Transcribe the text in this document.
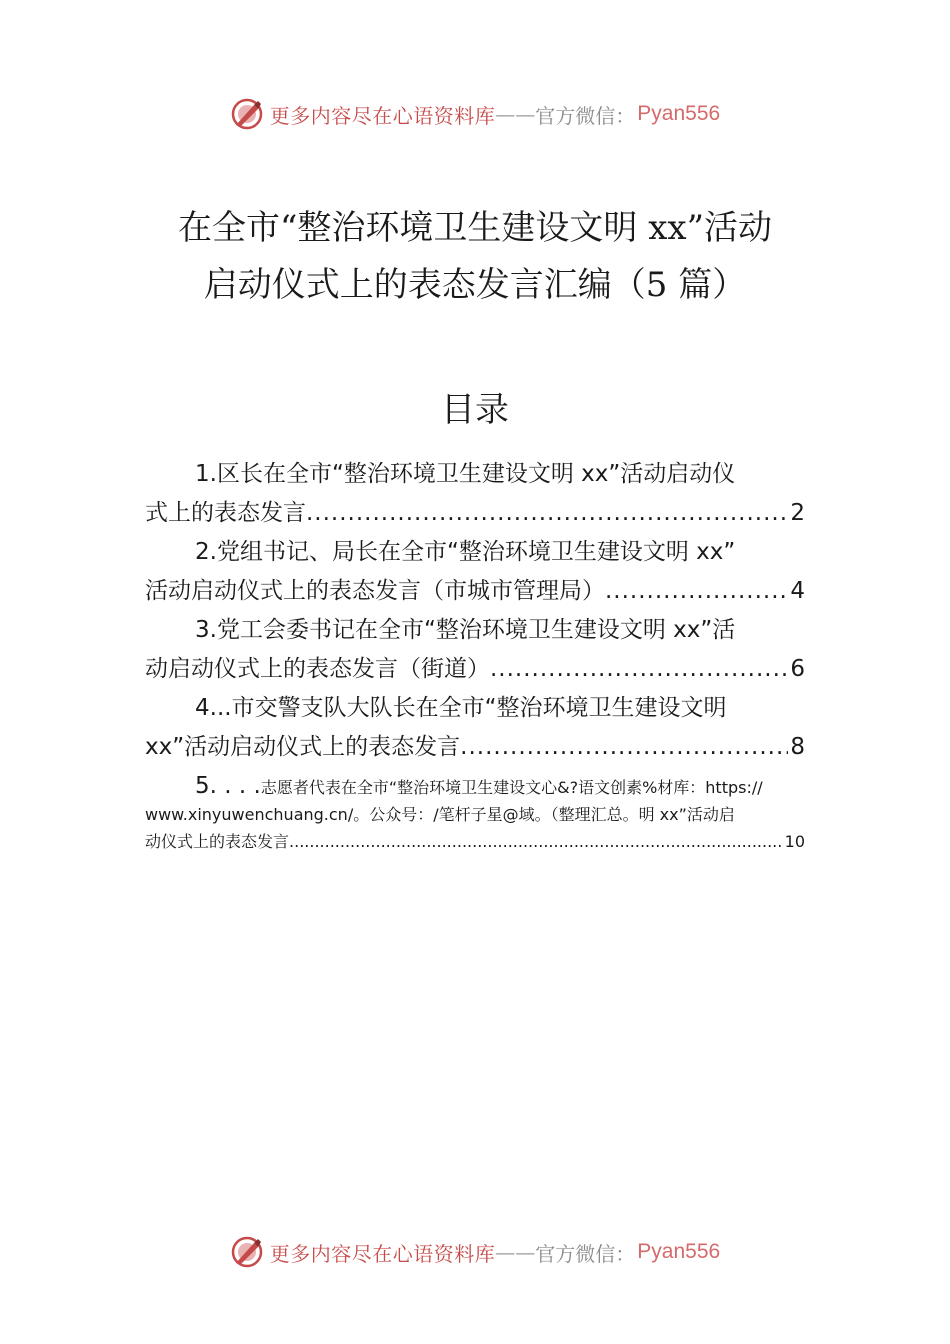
更多内容尽在心语资料库 —— 官方微信： Pyan556
在全市“整治环境卫生建设文明 xx”活动
启动仪式上的表态发言汇编（5 篇）
目录
1.区长在全市“整治环境卫生建设文明 xx”活动启动仪
式上的表态发言 .....	2
2.党组书记、局长在全市“整治环境卫生建设文明 xx”
活动启动仪式上的表态发言（市城市管理局） .....	4
3.党工会委书记在全市“整治环境卫生建设文明 xx”活
动启动仪式上的表态发言（街道） .....	6
4...市交警支队大队长在全市“整治环境卫生建设文明
xx”活动启动仪式上的表态发言 .....	8
5. . . .志愿者代表在全市“整治环境卫生建设文心&?语文创素%材库：https://
www.xinyuwenchuang.cn/。公众号：/笔杆子星@域。（整理汇总。明 xx”活动启
动仪式上的表态发言 .....	10
更多内容尽在心语资料库 —— 官方微信： Pyan556
